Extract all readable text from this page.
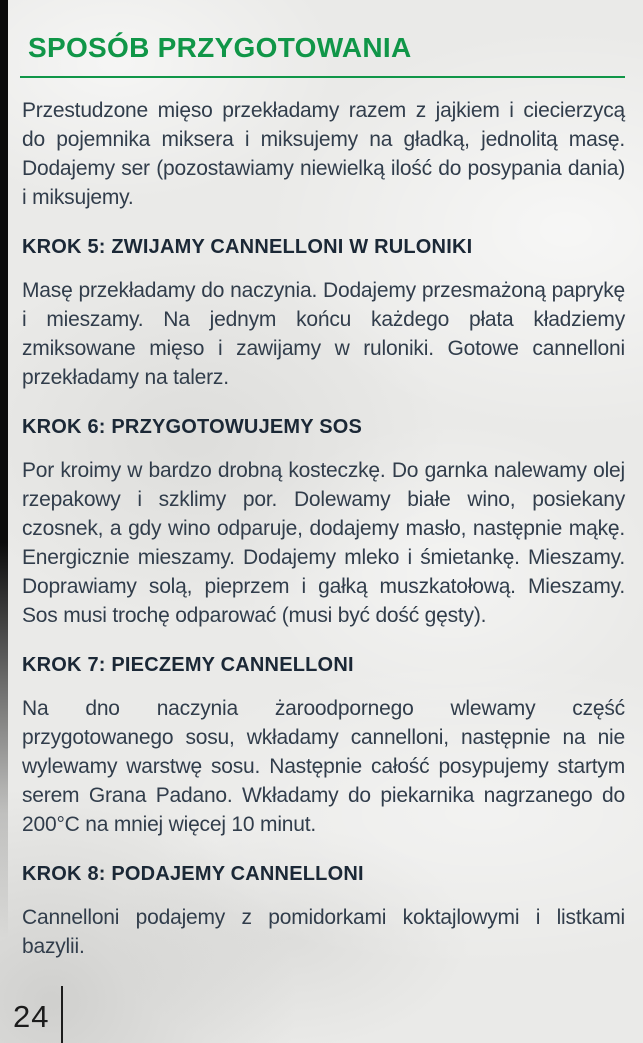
SPOSÓB PRZYGOTOWANIA

Przestudzone mięso przekładamy razem z jajkiem i ciecierzycą do pojemnika miksera i miksujemy na gładką, jednolitą masę. Dodajemy ser (pozostawiamy niewielką ilość do posypania dania) i miksujemy.

KROK 5: ZWIJAMY CANNELLONI W RULONIKI

Masę przekładamy do naczynia. Dodajemy przesmażoną paprykę i mieszamy. Na jednym końcu każdego płata kładziemy zmiksowane mięso i zawijamy w ruloniki. Gotowe cannelloni przekładamy na talerz.

KROK 6: PRZYGOTOWUJEMY SOS

Por kroimy w bardzo drobną kosteczkę. Do garnka nalewamy olej rzepakowy i szklimy por. Dolewamy białe wino, posiekany czosnek, a gdy wino odparuje, dodajemy masło, następnie mąkę. Energicznie mieszamy. Dodajemy mleko i śmietankę. Mieszamy. Doprawiamy solą, pieprzem i gałką muszkatołową. Mieszamy. Sos musi trochę odparować (musi być dość gęsty).

KROK 7: PIECZEMY CANNELLONI

Na dno naczynia żaroodpornego wlewamy część przygotowanego sosu, wkładamy cannelloni, następnie na nie wylewamy warstwę sosu. Następnie całość posypujemy startym serem Grana Padano. Wkładamy do piekarnika nagrzanego do 200°C na mniej więcej 10 minut.

KROK 8: PODAJEMY CANNELLONI

Cannelloni podajemy z pomidorkami koktajlowymi i listkami bazylii.

24
